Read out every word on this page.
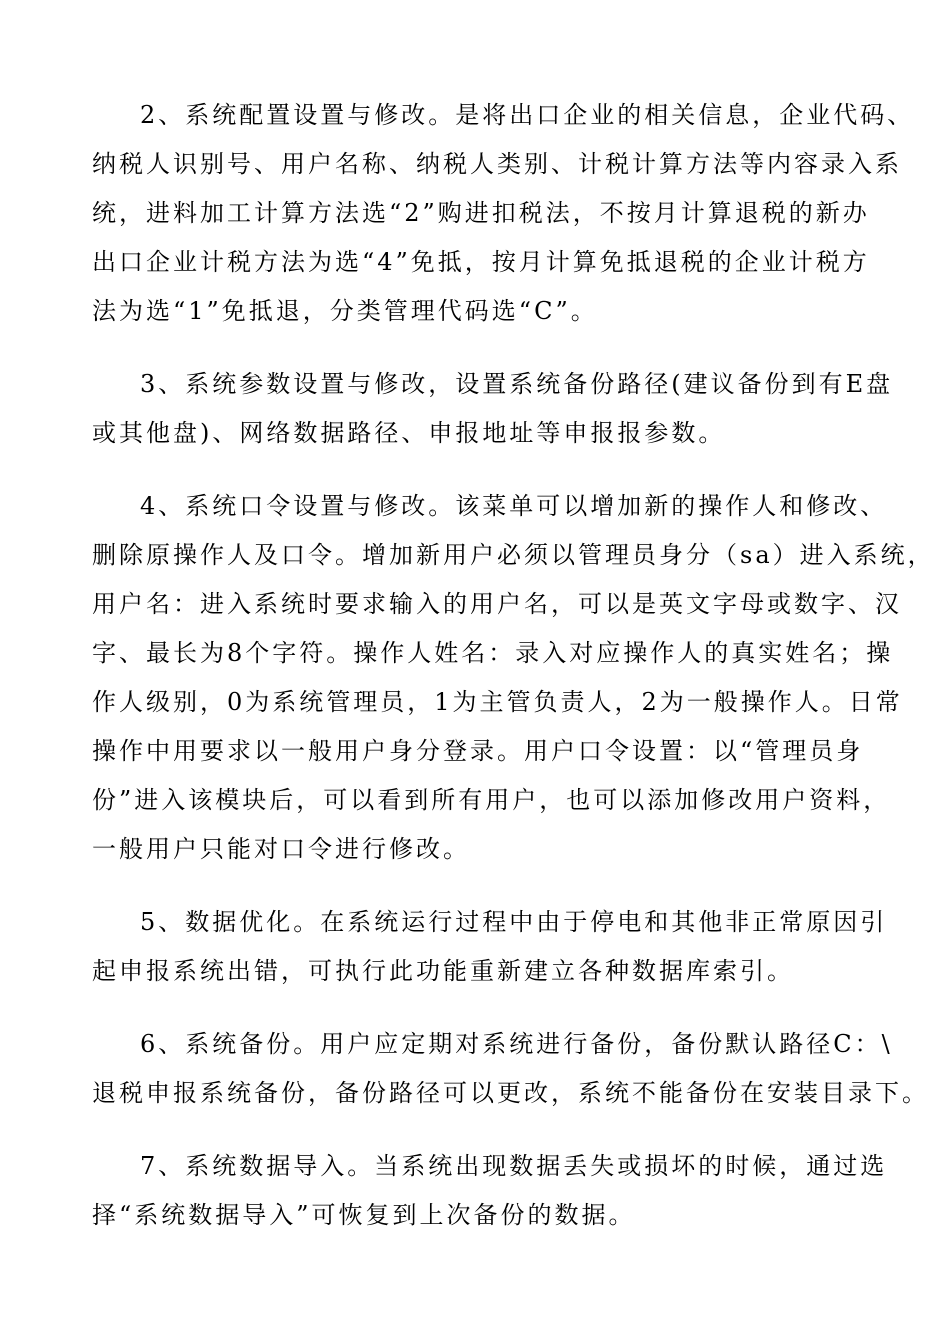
2、系统配置设置与修改。是将出口企业的相关信息，企业代码、
纳税人识别号、用户名称、纳税人类别、计税计算方法等内容录入系
统，进料加工计算方法选“2”购进扣税法，不按月计算退税的新办
出口企业计税方法为选“4”免抵，按月计算免抵退税的企业计税方
法为选“1”免抵退，分类管理代码选“C”。
3、系统参数设置与修改，设置系统备份路径(建议备份到有E盘
或其他盘)、网络数据路径、申报地址等申报报参数。
4、系统口令设置与修改。该菜单可以增加新的操作人和修改、
删除原操作人及口令。增加新用户必须以管理员身分（sa）进入系统，
用户名：进入系统时要求输入的用户名，可以是英文字母或数字、汉
字、最长为8个字符。操作人姓名：录入对应操作人的真实姓名；操
作人级别，0为系统管理员，1为主管负责人，2为一般操作人。日常
操作中用要求以一般用户身分登录。用户口令设置：以“管理员身
份”进入该模块后，可以看到所有用户，也可以添加修改用户资料，
一般用户只能对口令进行修改。
5、数据优化。在系统运行过程中由于停电和其他非正常原因引
起申报系统出错，可执行此功能重新建立各种数据库索引。
6、系统备份。用户应定期对系统进行备份，备份默认路径C：\
退税申报系统备份，备份路径可以更改，系统不能备份在安装目录下。
7、系统数据导入。当系统出现数据丢失或损坏的时候，通过选
择“系统数据导入”可恢复到上次备份的数据。
